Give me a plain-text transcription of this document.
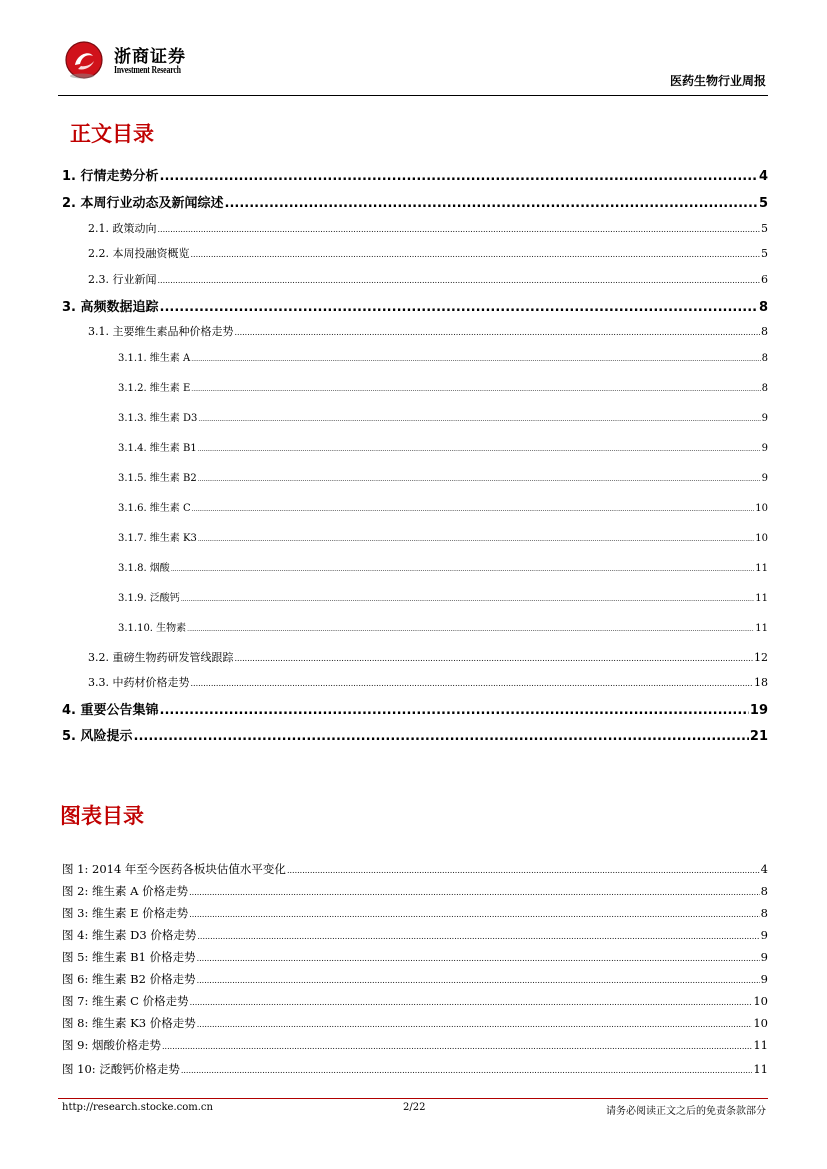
浙商证券
Investment Research
医药生物行业周报
正文目录
1. 行情走势分析 .....	4
2. 本周行业动态及新闻综述 .....	5
2.1. 政策动向 .....	5
2.2. 本周投融资概览 .....	5
2.3. 行业新闻 .....	6
3. 高频数据追踪 .....	8
3.1. 主要维生素品种价格走势 .....	8
3.1.1. 维生素 A .....	8
3.1.2. 维生素 E .....	8
3.1.3. 维生素 D3 .....	9
3.1.4. 维生素 B1 .....	9
3.1.5. 维生素 B2 .....	9
3.1.6. 维生素 C .....	10
3.1.7. 维生素 K3 .....	10
3.1.8. 烟酸 .....	11
3.1.9. 泛酸钙 .....	11
3.1.10. 生物素 .....	11
3.2. 重磅生物药研发管线跟踪 .....	12
3.3. 中药材价格走势 .....	18
4. 重要公告集锦 .....	19
5. 风险提示 .....	21
图表目录
图 1: 2014 年至今医药各板块估值水平变化 .....	4
图 2: 维生素 A 价格走势 .....	8
图 3: 维生素 E 价格走势 .....	8
图 4: 维生素 D3 价格走势 .....	9
图 5: 维生素 B1 价格走势 .....	9
图 6: 维生素 B2 价格走势 .....	9
图 7: 维生素 C 价格走势 .....	10
图 8: 维生素 K3 价格走势 .....	10
图 9: 烟酸价格走势 .....	11
图 10: 泛酸钙价格走势 .....	11
http://research.stocke.com.cn	2/22	请务必阅读正文之后的免责条款部分
